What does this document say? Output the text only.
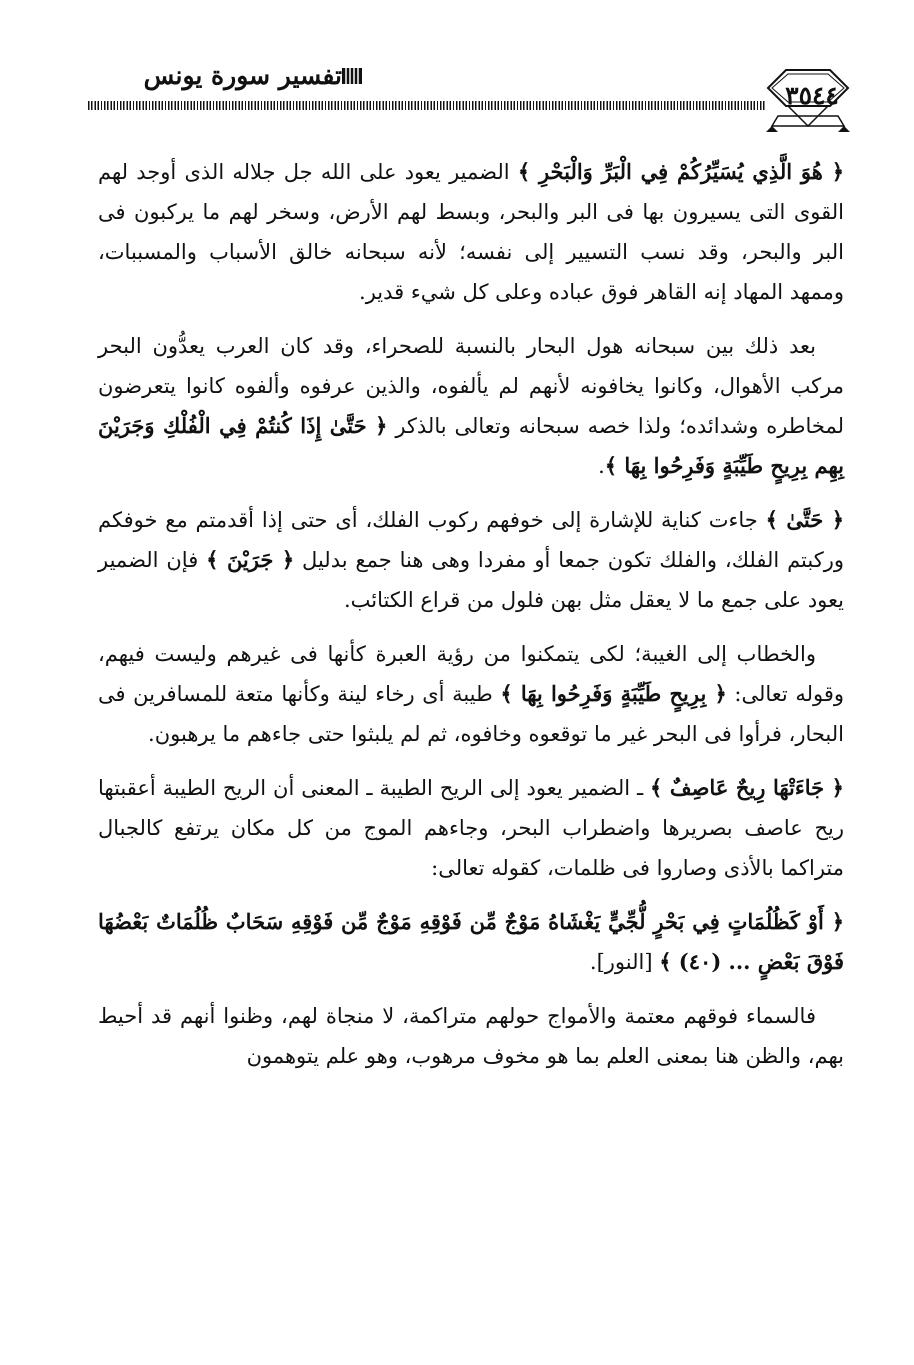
تفسير سورة يونس
٣٥٤٤

﴿ هُوَ الَّذِي يُسَيِّرُكُمْ فِي الْبَرِّ وَالْبَحْرِ ﴾ الضمير يعود على الله جل جلاله الذى أوجد لهم القوى التى يسيرون بها فى البر والبحر، وبسط لهم الأرض، وسخر لهم ما يركبون فى البر والبحر، وقد نسب التسيير إلى نفسه؛ لأنه سبحانه خالق الأسباب والمسببات، وممهد المهاد إنه القاهر فوق عباده وعلى كل شيء قدير.

بعد ذلك بين سبحانه هول البحار بالنسبة للصحراء، وقد كان العرب يعدُّون البحر مركب الأهوال، وكانوا يخافونه لأنهم لم يألفوه، والذين عرفوه وألفوه كانوا يتعرضون لمخاطره وشدائده؛ ولذا خصه سبحانه وتعالى بالذكر ﴿ حَتَّىٰ إِذَا كُنتُمْ فِي الْفُلْكِ وَجَرَيْنَ بِهِم بِرِيحٍ طَيِّبَةٍ وَفَرِحُوا بِهَا ﴾.

﴿ حَتَّىٰ ﴾ جاءت كناية للإشارة إلى خوفهم ركوب الفلك، أى حتى إذا أقدمتم مع خوفكم وركبتم الفلك، والفلك تكون جمعا أو مفردا وهى هنا جمع بدليل ﴿ جَرَيْنَ ﴾ فإن الضمير يعود على جمع ما لا يعقل مثل بهن فلول من قراع الكتائب.

والخطاب إلى الغيبة؛ لكى يتمكنوا من رؤية العبرة كأنها فى غيرهم وليست فيهم، وقوله تعالى: ﴿ بِرِيحٍ طَيِّبَةٍ وَفَرِحُوا بِهَا ﴾ طيبة أى رخاء لينة وكأنها متعة للمسافرين فى البحار، فرأوا فى البحر غير ما توقعوه وخافوه، ثم لم يلبثوا حتى جاءهم ما يرهبون.

﴿ جَاءَتْهَا رِيحٌ عَاصِفٌ ﴾ ـ الضمير يعود إلى الريح الطيبة ـ المعنى أن الريح الطيبة أعقبتها ريح عاصف بصريرها واضطراب البحر، وجاءهم الموج من كل مكان يرتفع كالجبال متراكما بالأذى وصاروا فى ظلمات، كقوله تعالى:

﴿ أَوْ كَظُلُمَاتٍ فِي بَحْرٍ لُّجِّيٍّ يَغْشَاهُ مَوْجٌ مِّن فَوْقِهِ مَوْجٌ مِّن فَوْقِهِ سَحَابٌ ظُلُمَاتٌ بَعْضُهَا فَوْقَ بَعْضٍ ... (٤٠) ﴾ [النور].

فالسماء فوقهم معتمة والأمواج حولهم متراكمة، لا منجاة لهم، وظنوا أنهم قد أحيط بهم، والظن هنا بمعنى العلم بما هو مخوف مرهوب، وهو علم يتوهمون
